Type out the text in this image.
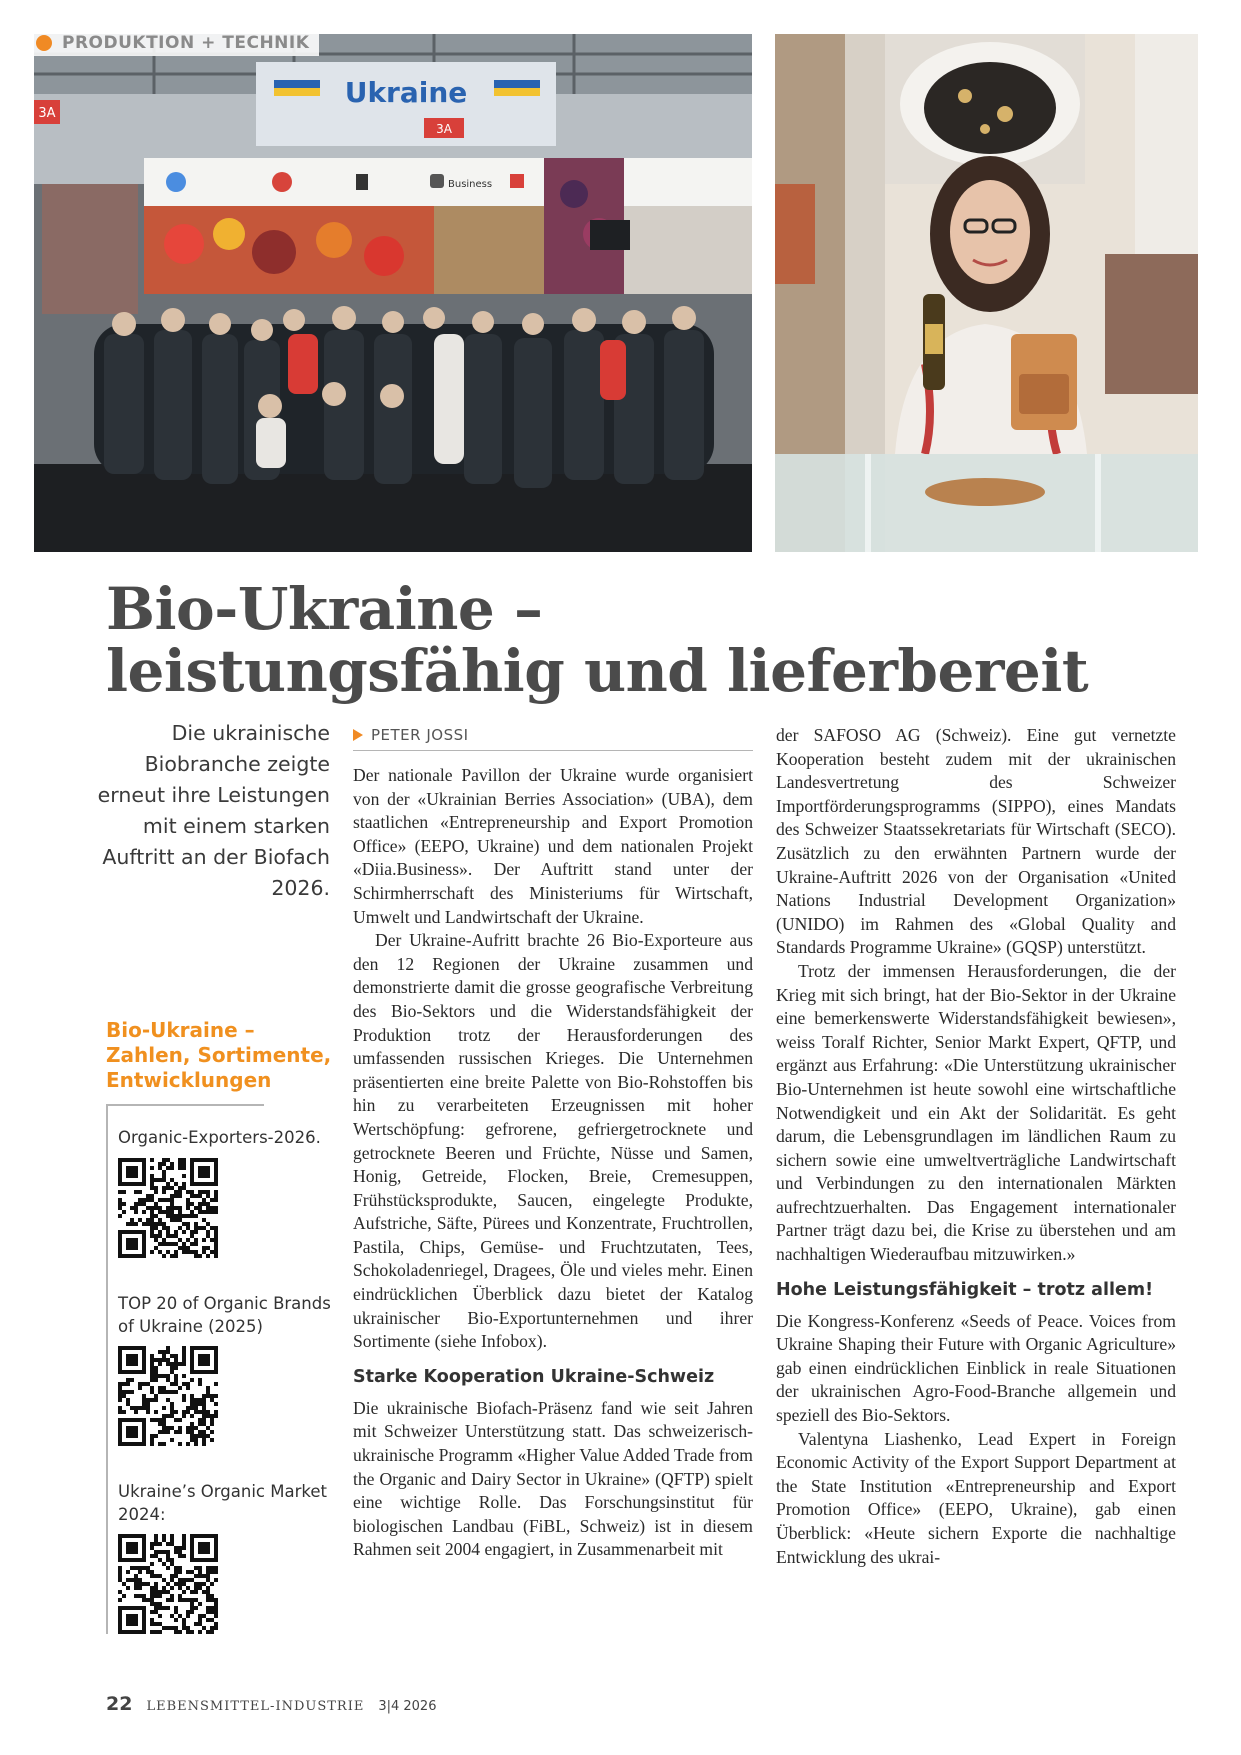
PRODUKTION + TECHNIK
Ukraine
3A
3A
Business
Bio-Ukraine –
leistungsfähig und lieferbereit
Die ukrainische Biobranche zeigte erneut ihre Leistungen mit einem starken Auftritt an der Biofach 2026.
Bio-Ukraine –
Zahlen, Sortimente,
Entwicklungen
Organic-Exporters-2026.
TOP 20 of Organic Brands of Ukraine (2025)
Ukraine’s Organic Market 2024:
PETER JOSSI

Der nationale Pavillon der Ukraine wurde organisiert von der «Ukrainian Berries Association» (UBA), dem staatlichen «Entrepreneurship and Export Promotion Office» (EEPO, Ukraine) und dem nationalen Projekt «Diia.Business». Der Auftritt stand unter der Schirmherrschaft des Ministeriums für Wirtschaft, Umwelt und Landwirtschaft der Ukraine.

Der Ukraine-Aufritt brachte 26 Bio-Exporteure aus den 12 Regionen der Ukraine zusammen und demonstrierte damit die grosse geografische Verbreitung des Bio-Sektors und die Widerstandsfähigkeit der Produktion trotz der Herausforderungen des umfassenden russischen Krieges. Die Unternehmen präsentierten eine breite Palette von Bio-Rohstoffen bis hin zu verarbeiteten Erzeugnissen mit hoher Wertschöpfung: gefrorene, gefriergetrocknete und getrocknete Beeren und Früchte, Nüsse und Samen, Honig, Getreide, Flocken, Breie, Cremesuppen, Frühstücksprodukte, Saucen, eingelegte Produkte, Aufstriche, Säfte, Pürees und Konzentrate, Fruchtrollen, Pastila, Chips, Gemüse- und Fruchtzutaten, Tees, Schokoladenriegel, Dragees, Öle und vieles mehr. Einen eindrücklichen Überblick dazu bietet der Katalog ukrainischer Bio-Exportunternehmen und ihrer Sortimente (siehe Infobox).

Starke Kooperation Ukraine-Schweiz

Die ukrainische Biofach-Präsenz fand wie seit Jahren mit Schweizer Unterstützung statt. Das schweizerisch-ukrainische Programm «Higher Value Added Trade from the Organic and Dairy Sector in Ukraine» (QFTP) spielt eine wichtige Rolle. Das Forschungsinstitut für biologischen Landbau (FiBL, Schweiz) ist in diesem Rahmen seit 2004 engagiert, in Zusammenarbeit mit

der SAFOSO AG (Schweiz). Eine gut vernetzte Kooperation besteht zudem mit der ukrainischen Landesvertretung des Schweizer Importförderungsprogramms (SIPPO), eines Mandats des Schweizer Staatssekretariats für Wirtschaft (SECO). Zusätzlich zu den erwähnten Partnern wurde der Ukraine-Auftritt 2026 von der Organisation «United Nations Industrial Development Organization» (UNIDO) im Rahmen des «Global Quality and Standards Programme Ukraine» (GQSP) unterstützt.

Trotz der immensen Herausforderungen, die der Krieg mit sich bringt, hat der Bio-Sektor in der Ukraine eine bemerkenswerte Widerstandsfähigkeit bewiesen», weiss Toralf Richter, Senior Markt Expert, QFTP, und ergänzt aus Erfahrung: «Die Unterstützung ukrainischer Bio-Unternehmen ist heute sowohl eine wirtschaftliche Notwendigkeit und ein Akt der Solidarität. Es geht darum, die Lebensgrundlagen im ländlichen Raum zu sichern sowie eine umweltverträgliche Landwirtschaft und Verbindungen zu den internationalen Märkten aufrechtzuerhalten. Das Engagement internationaler Partner trägt dazu bei, die Krise zu überstehen und am nachhaltigen Wiederaufbau mitzuwirken.»

Hohe Leistungsfähigkeit – trotz allem!

Die Kongress-Konferenz «Seeds of Peace. Voices from Ukraine Shaping their Future with Organic Agriculture» gab einen eindrücklichen Einblick in reale Situationen der ukrainischen Agro-Food-Branche allgemein und speziell des Bio-Sektors.

Valentyna Liashenko, Lead Expert in Foreign Economic Activity of the Export Support Department at the State Institution «Entrepreneurship and Export Promotion Office» (EEPO, Ukraine), gab einen Überblick: «Heute sichern Exporte die nachhaltige Entwicklung des ukrai-

22 LEBENSMITTEL-INDUSTRIE 3|4 2026
